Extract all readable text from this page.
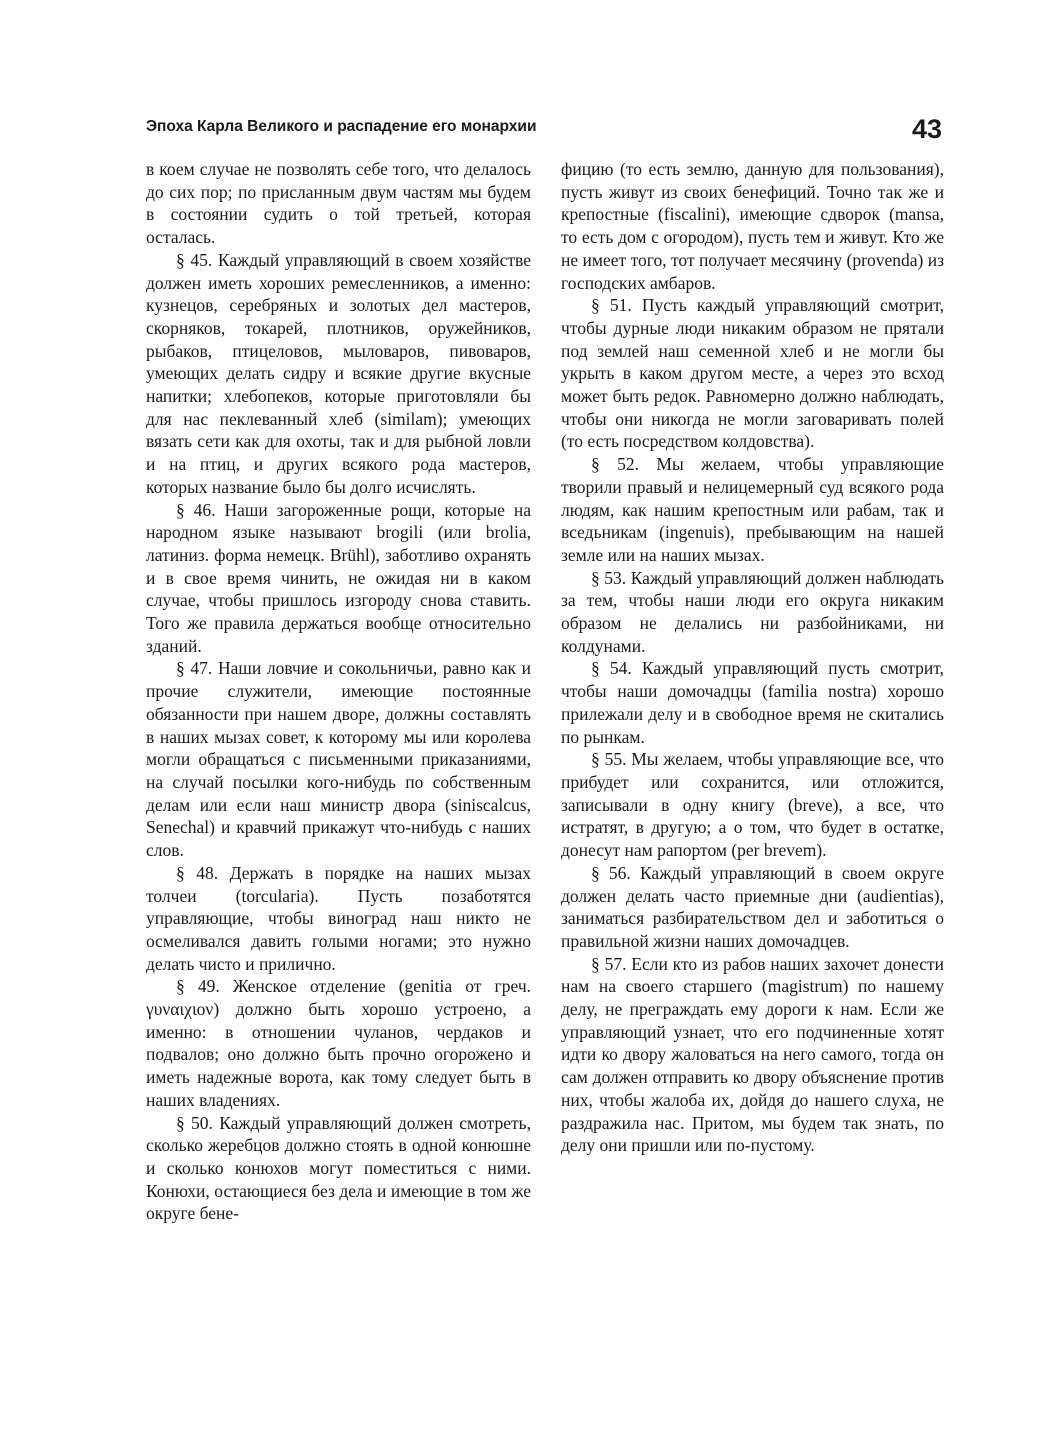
Эпоха Карла Великого и распадение его монархии	43

в коем случае не позволять себе того, что делалось до сих пор; по присланным двум частям мы будем в состоянии судить о той третьей, которая осталась.

§ 45. Каждый управляющий в своем хозяйстве должен иметь хороших ремесленников, а именно: кузнецов, серебряных и золотых дел мастеров, скорняков, токарей, плотников, оружейников, рыбаков, птицеловов, мыловаров, пивоваров, умеющих делать сидру и всякие другие вкусные напитки; хлебопеков, которые приготовляли бы для нас пеклеванный хлеб (similam); умеющих вязать сети как для охоты, так и для рыбной ловли и на птиц, и других всякого рода мастеров, которых название было бы долго исчислять.

§ 46. Наши загороженные рощи, которые на народном языке называют brogili (или brolia, латиниз. форма немецк. Brühl), заботливо охранять и в свое время чинить, не ожидая ни в каком случае, чтобы пришлось изгороду снова ставить. Того же правила держаться вообще относительно зданий.

§ 47. Наши ловчие и сокольничьи, равно как и прочие служители, имеющие постоянные обязанности при нашем дворе, должны составлять в наших мызах совет, к которому мы или королева могли обращаться с письменными приказаниями, на случай посылки кого-нибудь по собственным делам или если наш министр двора (siniscalcus, Senechal) и кравчий прикажут что-нибудь с наших слов.

§ 48. Держать в порядке на наших мызах толчеи (torcularia). Пусть позаботятся управляющие, чтобы виноград наш никто не осмеливался давить голыми ногами; это нужно делать чисто и прилично.

§ 49. Женское отделение (genitia от греч. γυναιχιον) должно быть хорошо устроено, а именно: в отношении чуланов, чердаков и подвалов; оно должно быть прочно огорожено и иметь надежные ворота, как тому следует быть в наших владениях.

§ 50. Каждый управляющий должен смотреть, сколько жеребцов должно стоять в одной конюшне и сколько конюхов могут поместиться с ними. Конюхи, остающиеся без дела и имеющие в том же округе бене-

фицию (то есть землю, данную для пользования), пусть живут из своих бенефиций. Точно так же и крепостные (fiscalini), имеющие сдворок (mansa, то есть дом с огородом), пусть тем и живут. Кто же не имеет того, тот получает месячину (provenda) из господских амбаров.

§ 51. Пусть каждый управляющий смотрит, чтобы дурные люди никаким образом не прятали под землей наш семенной хлеб и не могли бы укрыть в каком другом месте, а через это всход может быть редок. Равномерно должно наблюдать, чтобы они никогда не могли заговаривать полей (то есть посредством колдовства).

§ 52. Мы желаем, чтобы управляющие творили правый и нелицемерный суд всякого рода людям, как нашим крепостным или рабам, так и вседьникам (ingenuis), пребывающим на нашей земле или на наших мызах.

§ 53. Каждый управляющий должен наблюдать за тем, чтобы наши люди его округа никаким образом не делались ни разбойниками, ни колдунами.

§ 54. Каждый управляющий пусть смотрит, чтобы наши домочадцы (familia nostra) хорошо прилежали делу и в свободное время не скитались по рынкам.

§ 55. Мы желаем, чтобы управляющие все, что прибудет или сохранится, или отложится, записывали в одну книгу (breve), а все, что истратят, в другую; а о том, что будет в остатке, донесут нам рапортом (per brevem).

§ 56. Каждый управляющий в своем округе должен делать часто приемные дни (audientias), заниматься разбирательством дел и заботиться о правильной жизни наших домочадцев.

§ 57. Если кто из рабов наших захочет донести нам на своего старшего (magistrum) по нашему делу, не преграждать ему дороги к нам. Если же управляющий узнает, что его подчиненные хотят идти ко двору жаловаться на него самого, тогда он сам должен отправить ко двору объяснение против них, чтобы жалоба их, дойдя до нашего слуха, не раздражила нас. Притом, мы будем так знать, по делу они пришли или по-пустому.
